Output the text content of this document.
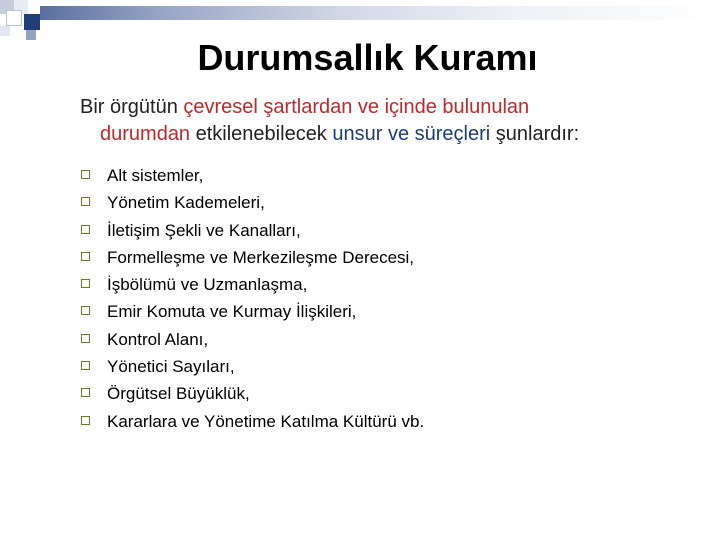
Durumsallık Kuramı

Bir örgütün çevresel şartlardan ve içinde bulunulan
durumdan etkilenebilecek unsur ve süreçleri şunlardır:

Alt sistemler,
Yönetim Kademeleri,
İletişim Şekli ve Kanalları,
Formelleşme ve Merkezileşme Derecesi,
İşbölümü ve Uzmanlaşma,
Emir Komuta ve Kurmay İlişkileri,
Kontrol Alanı,
Yönetici Sayıları,
Örgütsel Büyüklük,
Kararlara ve Yönetime Katılma Kültürü vb.
